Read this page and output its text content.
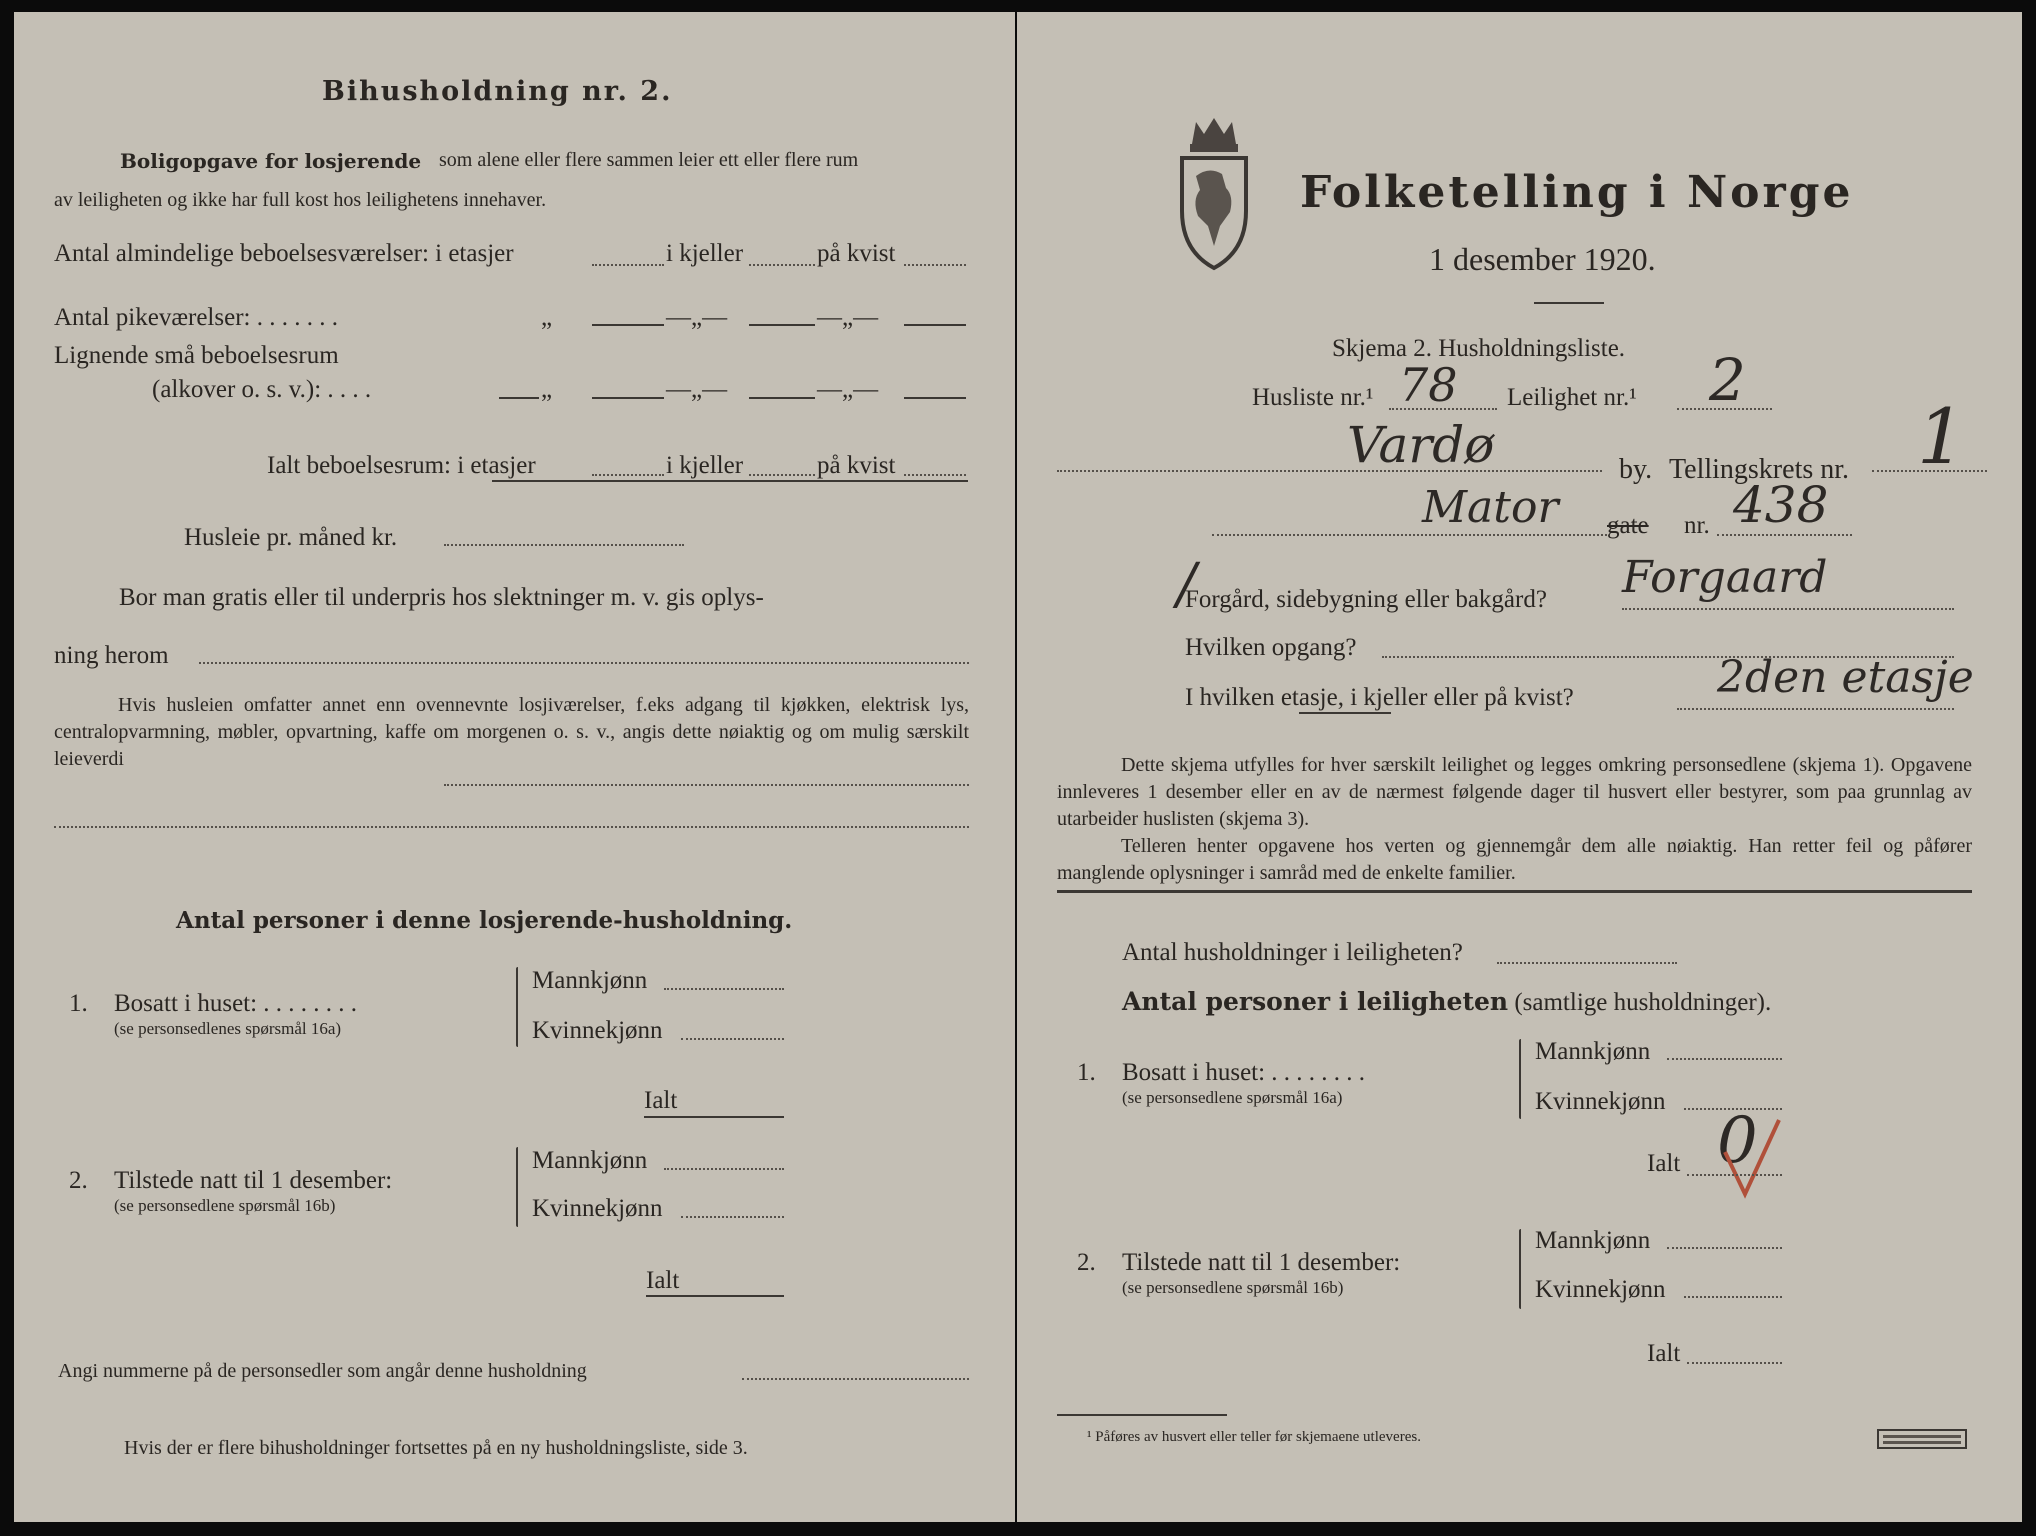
Bihusholdning nr. 2.
Boligopgave for losjerende som alene eller flere sammen leier ett eller flere rum
av leiligheten og ikke har full kost hos leilighetens innehaver.
Antal almindelige beboelsesværelser: i etasjer	i kjeller	på kvist
Antal pikeværelser: . . . . . . .	„	—„—	—„—
Lignende små beboelsesrum
(alkover o. s. v.): . . . .	„	—„—	—„—
Ialt beboelsesrum: i etasjer	i kjeller	på kvist
Husleie pr. måned kr.
Bor man gratis eller til underpris hos slektninger m. v. gis oplys-
ning herom
Hvis husleien omfatter annet enn ovennevnte losjiværelser, f.eks adgang til kjøkken, elektrisk lys, centralopvarmning, møbler, opvartning, kaffe om morgenen o. s. v., angis dette nøiaktig og om mulig særskilt leieverdi
Antal personer i denne losjerende-husholdning.
1. Bosatt i huset: . . . . . . . .
(se personsedlenes spørsmål 16a)
Mannkjønn
Kvinnekjønn
Ialt
2. Tilstede natt til 1 desember:
(se personsedlene spørsmål 16b)
Mannkjønn
Kvinnekjønn
Ialt
Angi nummerne på de personsedler som angår denne husholdning
Hvis der er flere bihusholdninger fortsettes på en ny husholdningsliste, side 3.
Folketelling i Norge
1 desember 1920.
Skjema 2. Husholdningsliste.
Husliste nr.¹ 78 Leilighet nr.¹ 2
Vardø	by. Tellingskrets nr. 1
Mator gate nr. 438
/
Forgård, sidebygning eller bakgård? Forgaard
Hvilken opgang?
I hvilken etasje, i kjeller eller på kvist?	2den etasje
Dette skjema utfylles for hver særskilt leilighet og legges omkring personsedlene (skjema 1). Opgavene innleveres 1 desember eller en av de nærmest følgende dager til husvert eller bestyrer, som paa grunnlag av utarbeider huslisten (skjema 3).
Telleren henter opgavene hos verten og gjennemgår dem alle nøiaktig. Han retter feil og påfører manglende oplysninger i samråd med de enkelte familier.
Antal husholdninger i leiligheten?
Antal personer i leiligheten (samtlige husholdninger).
1. Bosatt i huset: . . . . . . . .
(se personsedlene spørsmål 16a)
Mannkjønn
Kvinnekjønn
Ialt 0
2. Tilstede natt til 1 desember:
(se personsedlene spørsmål 16b)
Mannkjønn
Kvinnekjønn
Ialt
¹ Påføres av husvert eller teller før skjemaene utleveres.
